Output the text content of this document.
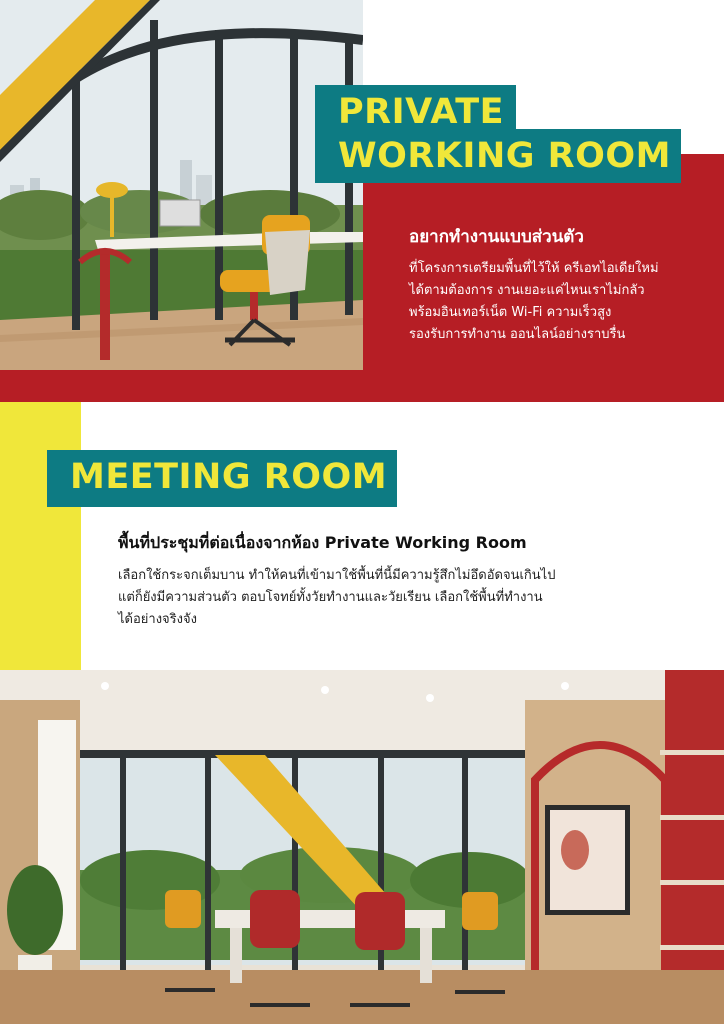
PRIVATE
WORKING ROOM
อยากทำงานแบบส่วนตัว
ที่โครงการเตรียมพื้นที่ไว้ให้ ครีเอทไอเดียใหม่
ได้ตามต้องการ งานเยอะแค่ไหนเราไม่กลัว
พร้อมอินเทอร์เน็ต Wi-Fi ความเร็วสูง
รองรับการทำงาน ออนไลน์อย่างราบรื่น
MEETING ROOM
พื้นที่ประชุมที่ต่อเนื่องจากห้อง Private Working Room
เลือกใช้กระจกเต็มบาน ทำให้คนที่เข้ามาใช้พื้นที่นี้มีความรู้สึกไม่อึดอัดจนเกินไป
แต่ก็ยังมีความส่วนตัว ตอบโจทย์ทั้งวัยทำงานและวัยเรียน เลือกใช้พื้นที่ทำงาน
ได้อย่างจริงจัง
